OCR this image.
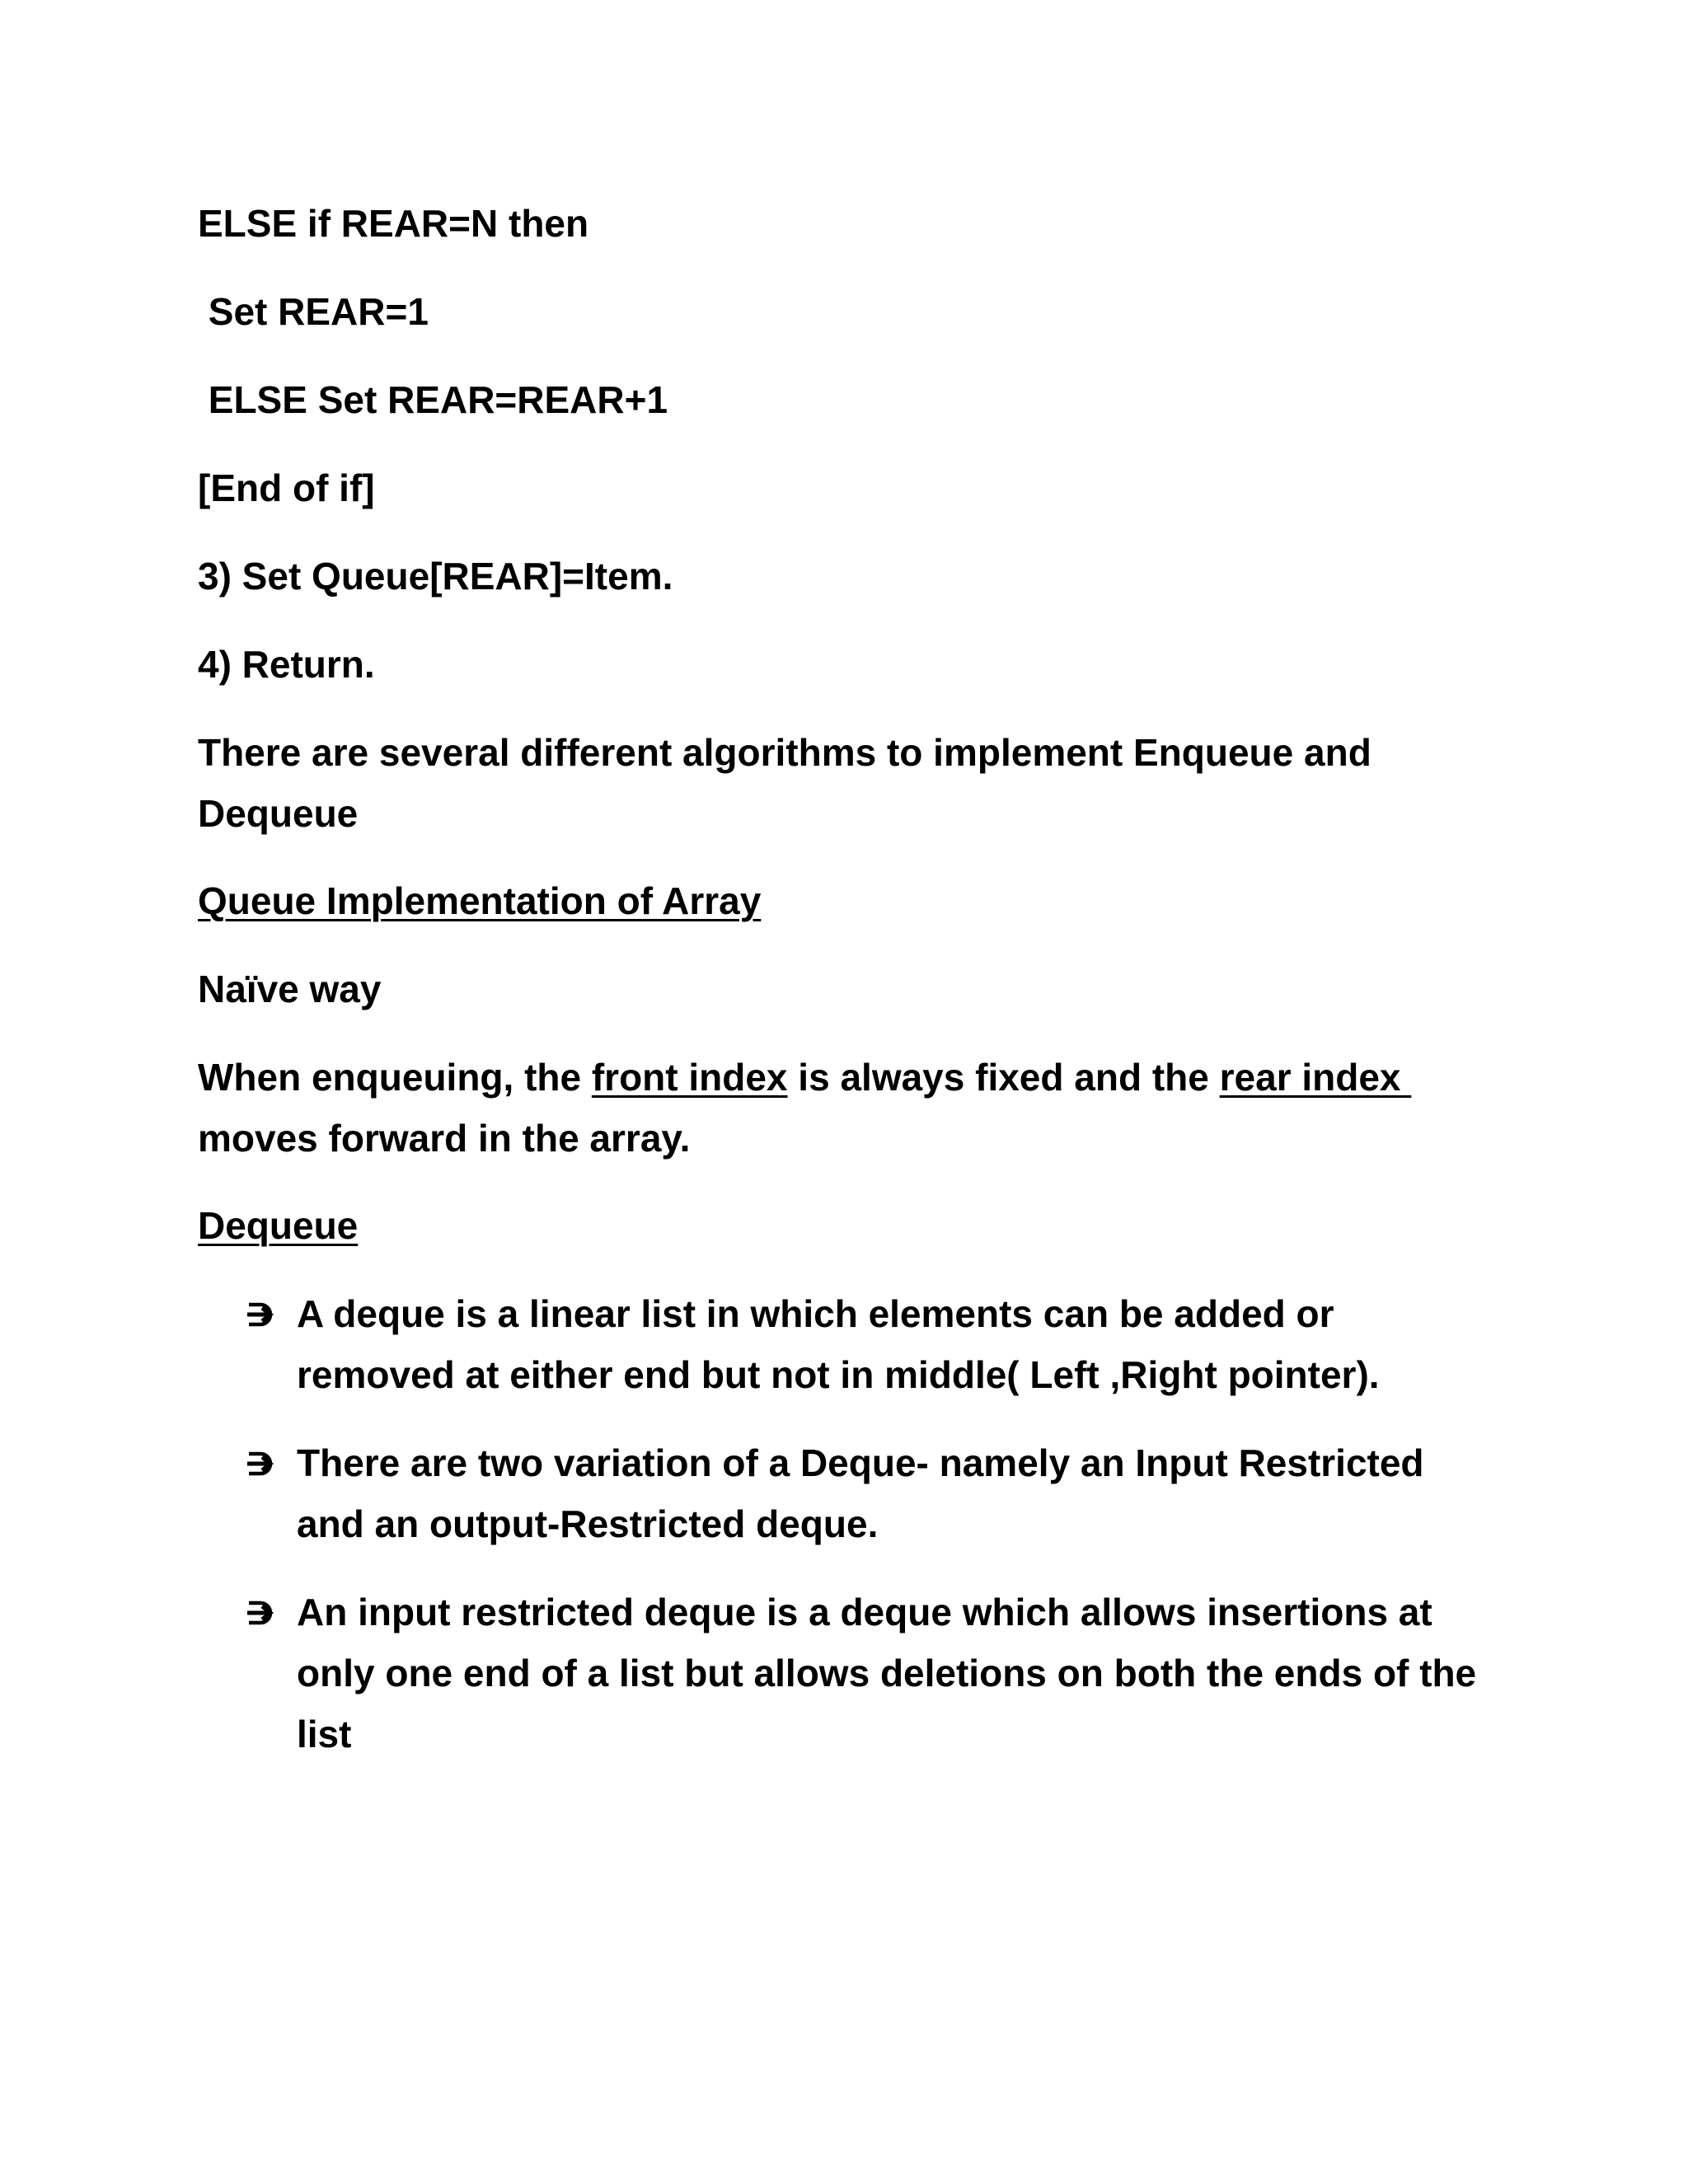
ELSE if REAR=N then

Set REAR=1

ELSE Set REAR=REAR+1

[End of if]

3) Set Queue[REAR]=Item.

4) Return.

There are several different algorithms to implement Enqueue and Dequeue

Queue Implementation of Array

Naïve way

When enqueuing, the front index is always fixed and the rear index
moves forward in the array.

Dequeue

A deque is a linear list in which elements can be added or removed at either end but not in middle( Left ,Right pointer).
There are two variation of a Deque- namely an Input Restricted and an output-Restricted deque.
An input restricted deque is a deque which allows insertions at only one end of a list but allows deletions on both the ends of the list
